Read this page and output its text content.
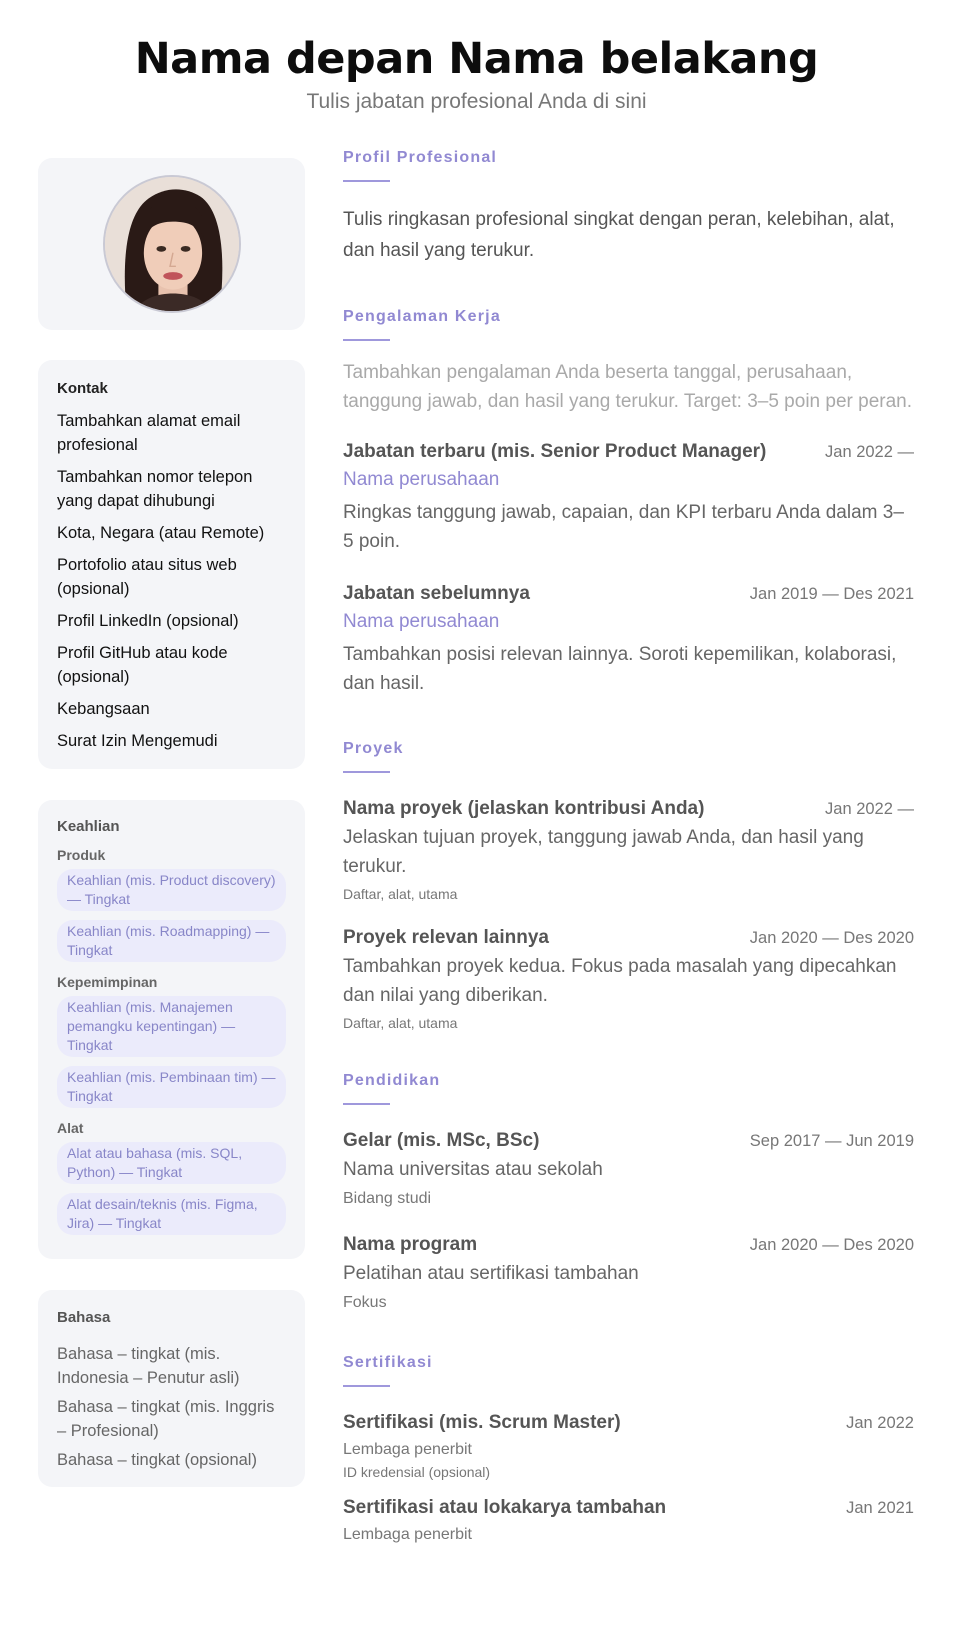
Nama depan Nama belakang
Tulis jabatan profesional Anda di sini
Kontak
Tambahkan alamat email profesional
Tambahkan nomor telepon yang dapat dihubungi
Kota, Negara (atau Remote)
Portofolio atau situs web (opsional)
Profil LinkedIn (opsional)
Profil GitHub atau kode (opsional)
Kebangsaan
Surat Izin Mengemudi
Keahlian
Produk
Keahlian (mis. Product discovery) — Tingkat
Keahlian (mis. Roadmapping) — Tingkat
Kepemimpinan
Keahlian (mis. Manajemen pemangku kepentingan) — Tingkat
Keahlian (mis. Pembinaan tim) — Tingkat
Alat
Alat atau bahasa (mis. SQL, Python) — Tingkat
Alat desain/teknis (mis. Figma, Jira) — Tingkat
Bahasa
Bahasa – tingkat (mis. Indonesia – Penutur asli)
Bahasa – tingkat (mis. Inggris – Profesional)
Bahasa – tingkat (opsional)
Profil Profesional
Tulis ringkasan profesional singkat dengan peran, kelebihan, alat, dan hasil yang terukur.
Pengalaman Kerja
Tambahkan pengalaman Anda beserta tanggal, perusahaan, tanggung jawab, dan hasil yang terukur. Target: 3–5 poin per peran.
Jabatan terbaru (mis. Senior Product Manager)	Jan 2022 —
Nama perusahaan
Ringkas tanggung jawab, capaian, dan KPI terbaru Anda dalam 3–5 poin.
Jabatan sebelumnya	Jan 2019 — Des 2021
Nama perusahaan
Tambahkan posisi relevan lainnya. Soroti kepemilikan, kolaborasi, dan hasil.
Proyek
Nama proyek (jelaskan kontribusi Anda)	Jan 2022 —
Jelaskan tujuan proyek, tanggung jawab Anda, dan hasil yang terukur.
Daftar, alat, utama
Proyek relevan lainnya	Jan 2020 — Des 2020
Tambahkan proyek kedua. Fokus pada masalah yang dipecahkan dan nilai yang diberikan.
Daftar, alat, utama
Pendidikan
Gelar (mis. MSc, BSc)	Sep 2017 — Jun 2019
Nama universitas atau sekolah
Bidang studi
Nama program	Jan 2020 — Des 2020
Pelatihan atau sertifikasi tambahan
Fokus
Sertifikasi
Sertifikasi (mis. Scrum Master)	Jan 2022
Lembaga penerbit
ID kredensial (opsional)
Sertifikasi atau lokakarya tambahan	Jan 2021
Lembaga penerbit
